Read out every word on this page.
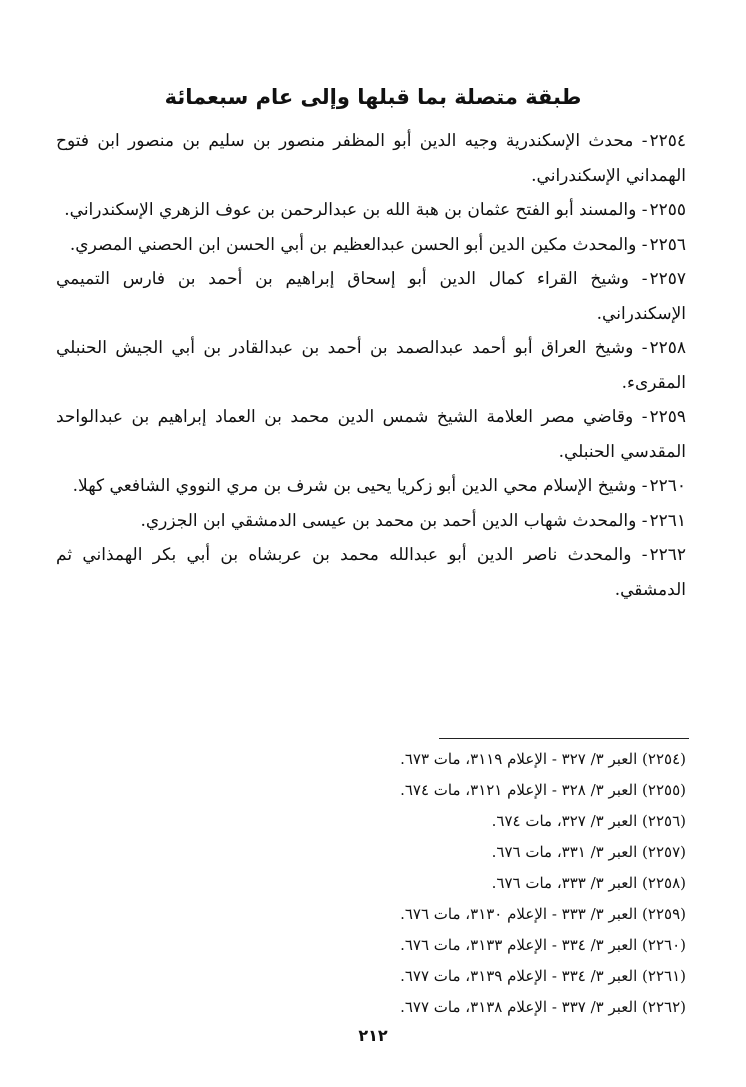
طبقة متصلة بما قبلها وإلى عام سبعمائة

٢٢٥٤- محدث الإسكندرية وجيه الدين أبو المظفر منصور بن سليم بن منصور ابن فتوح الهمداني الإسكندراني.

٢٢٥٥- والمسند أبو الفتح عثمان بن هبة الله بن عبدالرحمن بن عوف الزهري الإسكندراني.

٢٢٥٦- والمحدث مكين الدين أبو الحسن عبدالعظيم بن أبي الحسن ابن الحصني المصري.

٢٢٥٧- وشيخ القراء كمال الدين أبو إسحاق إبراهيم بن أحمد بن فارس التميمي الإسكندراني.

٢٢٥٨- وشيخ العراق أبو أحمد عبدالصمد بن أحمد بن عبدالقادر بن أبي الجيش الحنبلي المقرىء.

٢٢٥٩- وقاضي مصر العلامة الشيخ شمس الدين محمد بن العماد إبراهيم بن عبدالواحد المقدسي الحنبلي.

٢٢٦٠- وشيخ الإسلام محي الدين أبو زكريا يحيى بن شرف بن مري النووي الشافعي كهلا.

٢٢٦١- والمحدث شهاب الدين أحمد بن محمد بن عيسى الدمشقي ابن الجزري.

٢٢٦٢- والمحدث ناصر الدين أبو عبدالله محمد بن عربشاه بن أبي بكر الهمذاني ثم الدمشقي.

(٢٢٥٤) العبر ٣/ ٣٢٧ - الإعلام ٣١١٩، مات ٦٧٣.
(٢٢٥٥) العبر ٣/ ٣٢٨ - الإعلام ٣١٢١، مات ٦٧٤.
(٢٢٥٦) العبر ٣/ ٣٢٧، مات ٦٧٤.
(٢٢٥٧) العبر ٣/ ٣٣١، مات ٦٧٦.
(٢٢٥٨) العبر ٣/ ٣٣٣، مات ٦٧٦.
(٢٢٥٩) العبر ٣/ ٣٣٣ - الإعلام ٣١٣٠، مات ٦٧٦.
(٢٢٦٠) العبر ٣/ ٣٣٤ - الإعلام ٣١٣٣، مات ٦٧٦.
(٢٢٦١) العبر ٣/ ٣٣٤ - الإعلام ٣١٣٩، مات ٦٧٧.
(٢٢٦٢) العبر ٣/ ٣٣٧ - الإعلام ٣١٣٨، مات ٦٧٧.
٢١٢
